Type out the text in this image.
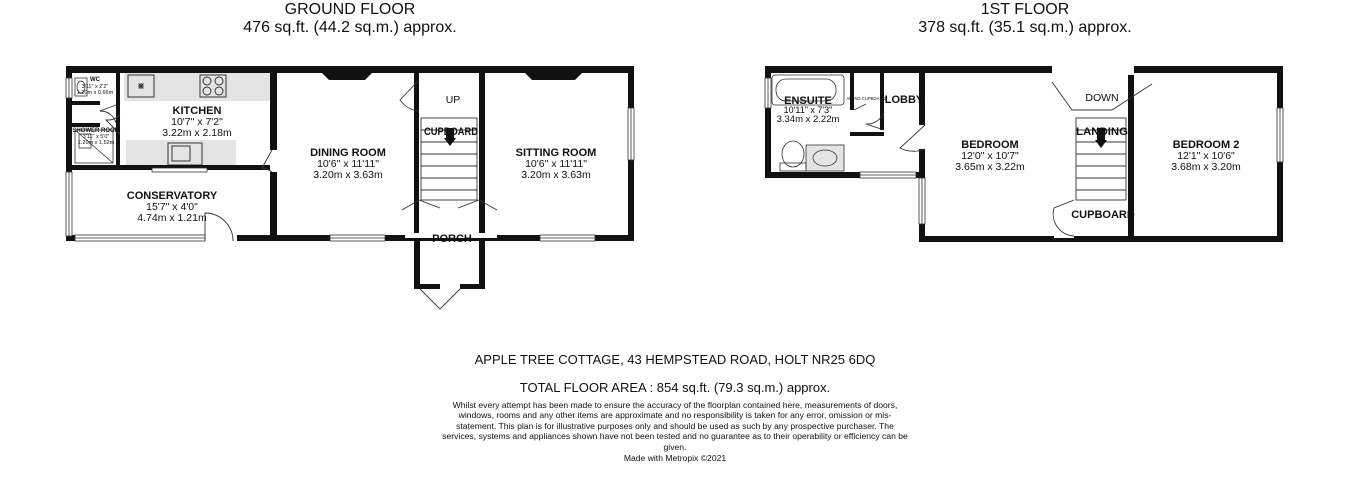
GROUND FLOOR
476 sq.ft. (44.2 sq.m.) approx.
1ST FLOOR
378 sq.ft. (35.1 sq.m.) approx.
WC
3'11" x 2'2"
1.20m x 0.66m
SHOWER ROOM
3'11" x 5'0"
1.20m x 1.52m
KITCHEN
10'7" x 7'2"
3.22m x 2.18m
CONSERVATORY
15'7" x 4'0"
4.74m x 1.21m
DINING ROOM
10'6" x 11'11"
3.20m x 3.63m
SITTING ROOM
10'6" x 11'11"
3.20m x 3.63m
UP
CUPBOARD
PORCH
ENSUITE
10'11" x 7'3"
3.34m x 2.22m
AIRING CUPBOARD LOBBY
BEDROOM
12'0" x 10'7"
3.65m x 3.22m
DOWN
LANDING
CUPBOARD
BEDROOM 2
12'1" x 10'6"
3.68m x 3.20m
APPLE TREE COTTAGE, 43 HEMPSTEAD ROAD, HOLT NR25 6DQ
TOTAL FLOOR AREA : 854 sq.ft. (79.3 sq.m.) approx.
Whilst every attempt has been made to ensure the accuracy of the floorplan contained here, measurements of doors, windows, rooms and any other items are approximate and no responsibility is taken for any error, omission or mis-statement. This plan is for illustrative purposes only and should be used as such by any prospective purchaser. The services, systems and appliances shown have not been tested and no guarantee as to their operability or efficiency can be given.
Made with Metropix ©2021
